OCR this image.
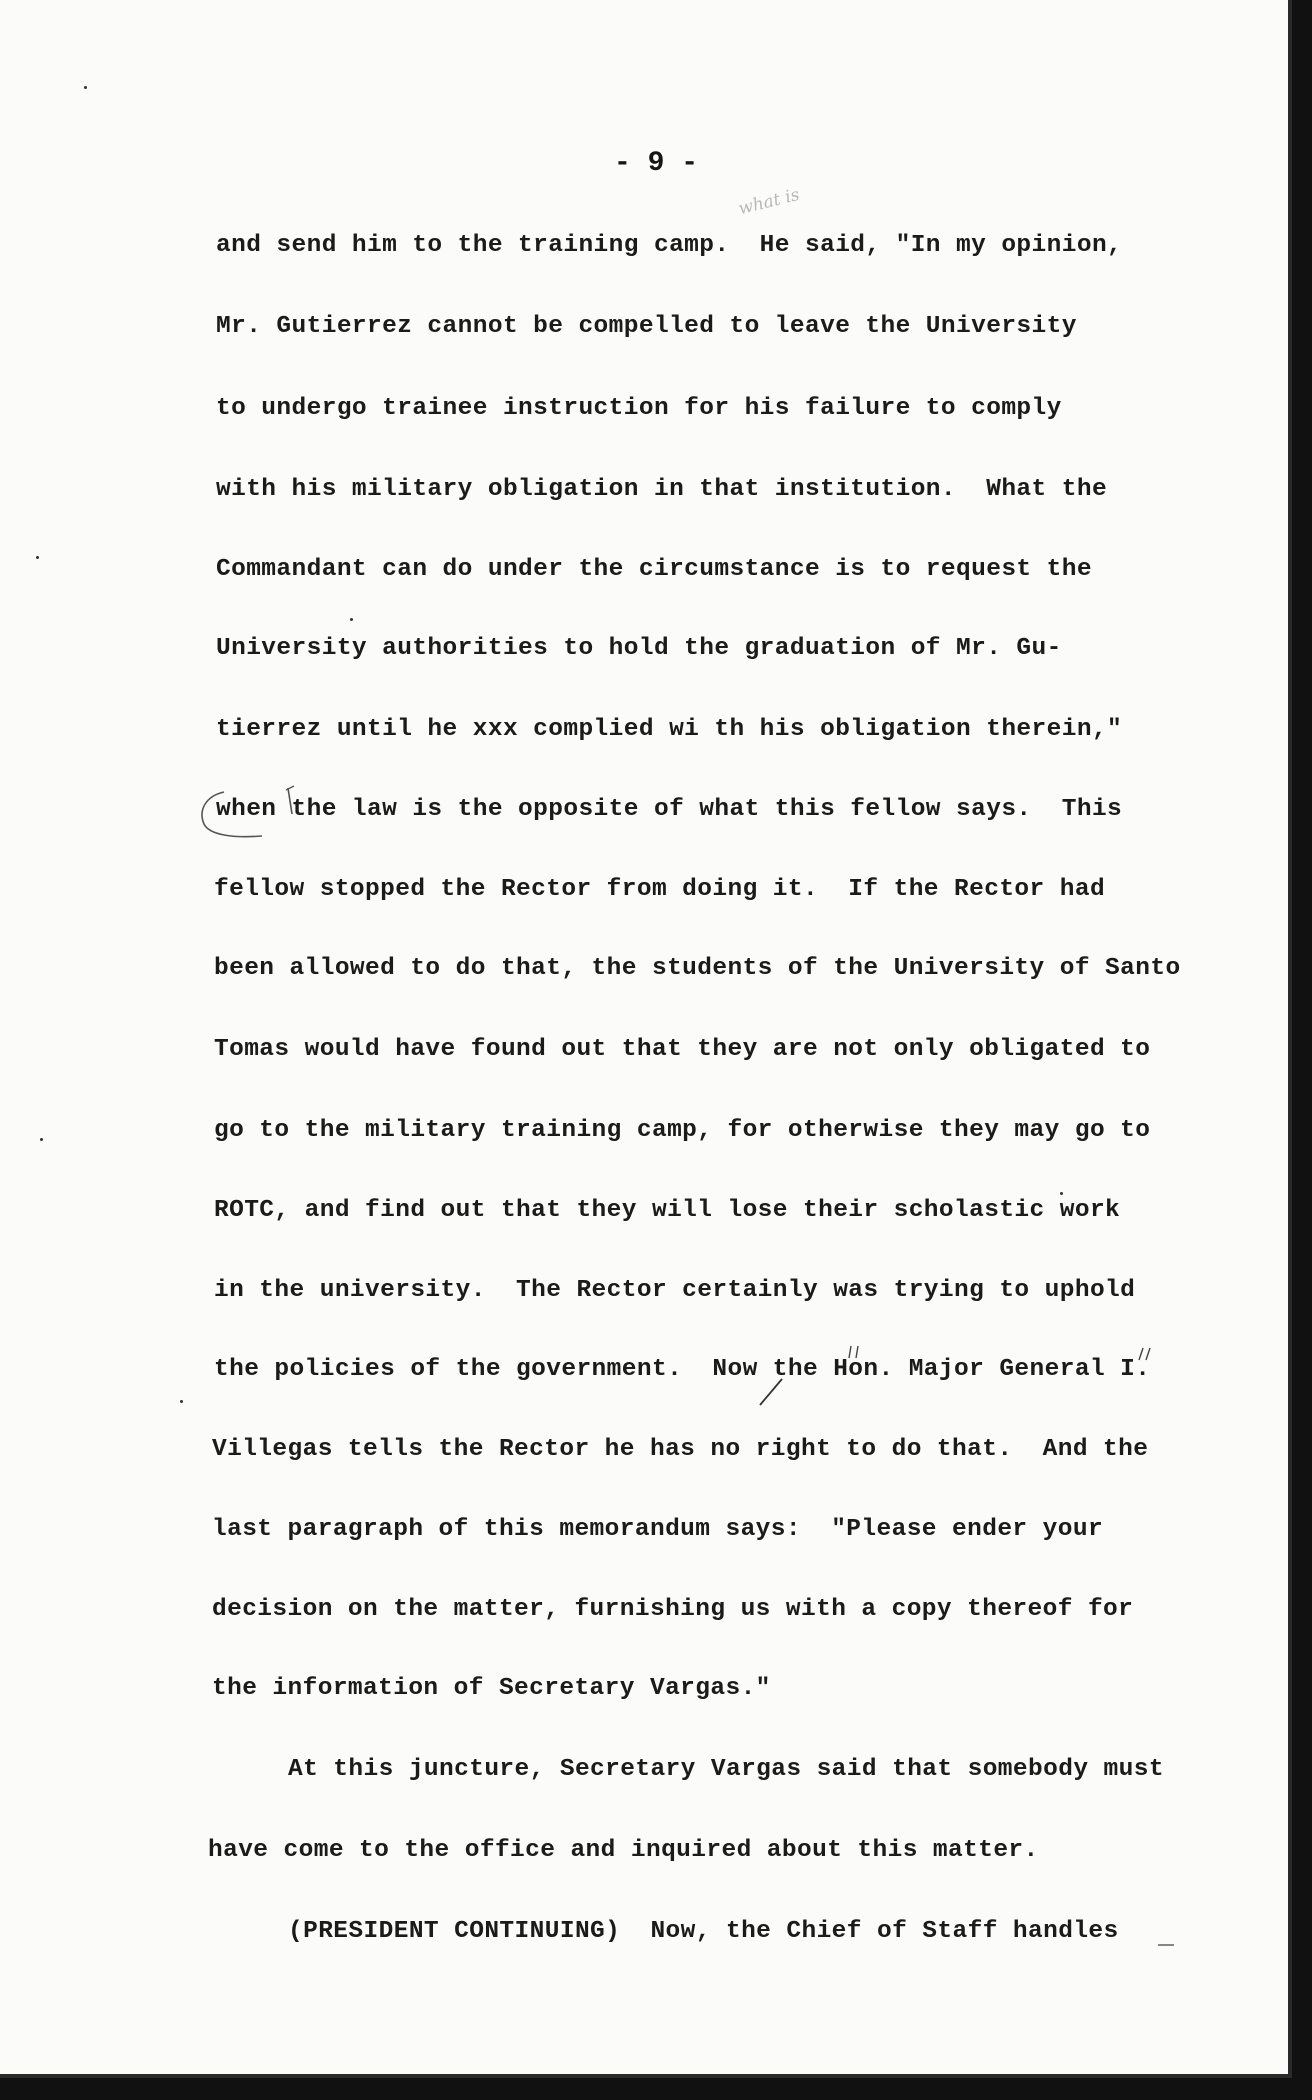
- 9 -
what is
and send him to the training camp.  He said, "In my opinion,
Mr. Gutierrez cannot be compelled to leave the University
to undergo trainee instruction for his failure to comply
with his military obligation in that institution.  What the
Commandant can do under the circumstance is to request the
University authorities to hold the graduation of Mr. Gu-
tierrez until he xxx complied wi th his obligation therein,"
when the law is the opposite of what this fellow says.  This
fellow stopped the Rector from doing it.  If the Rector had
been allowed to do that, the students of the University of Santo
Tomas would have found out that they are not only obligated to
go to the military training camp, for otherwise they may go to
ROTC, and find out that they will lose their scholastic work
in the university.  The Rector certainly was trying to uphold
the policies of the government.  Now the Hon. Major General I.
Villegas tells the Rector he has no right to do that.  And the
last paragraph of this memorandum says:  "Please ender your
decision on the matter, furnishing us with a copy thereof for
the information of Secretary Vargas."
At this juncture, Secretary Vargas said that somebody must
have come to the office and inquired about this matter.
(PRESIDENT CONTINUING)  Now, the Chief of Staff handles
